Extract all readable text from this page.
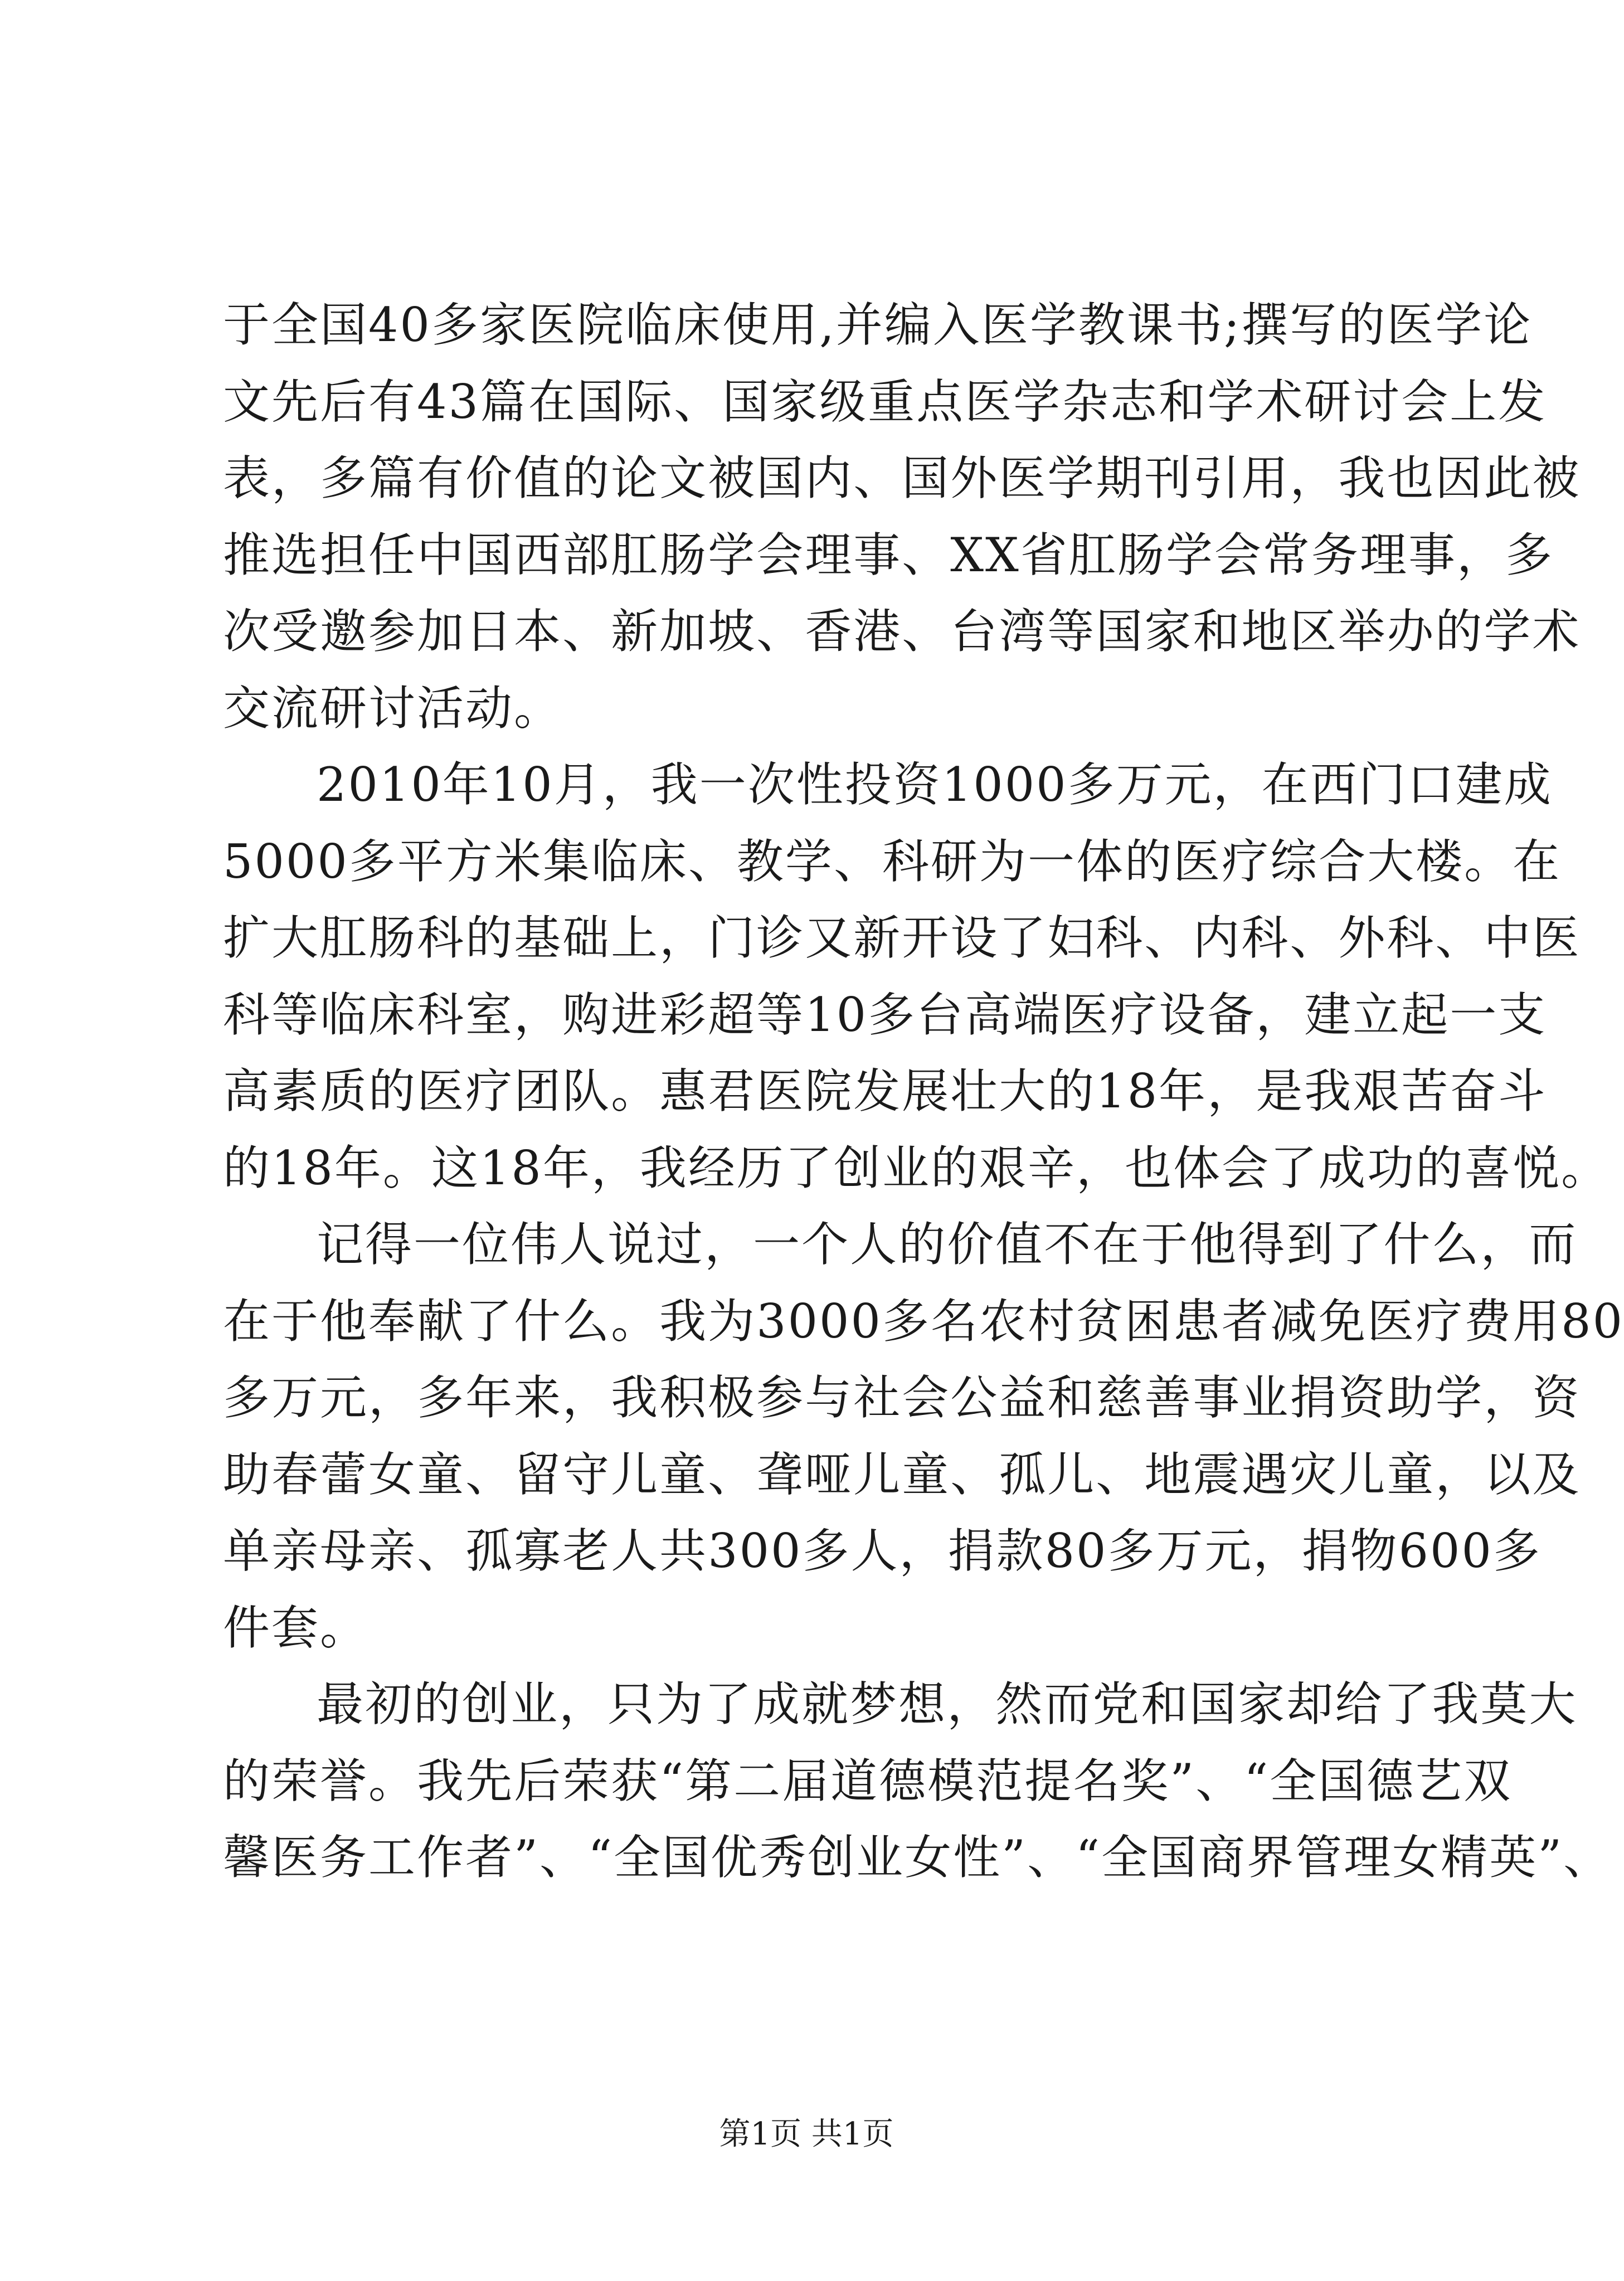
于 全 国 40 多 家 医 院 临 床 使 用 , 并 编 入 医 学 教 课 书 ; 撰 写 的 医 学 论
文 先 后 有 43 篇 在 国 际 、 国 家 级 重 点 医 学 杂 志 和 学 术 研 讨 会 上 发
表 ， 多 篇 有 价 值 的 论 文 被 国 内 、 国 外 医 学 期 刊 引 用 ， 我 也 因 此 被
推 选 担 任 中 国 西 部 肛 肠 学 会 理 事 、 XX 省 肛 肠 学 会 常 务 理 事 ， 多
次 受 邀 参 加 日 本 、 新 加 坡 、 香 港 、 台 湾 等 国 家 和 地 区 举 办 的 学 术
交流研讨活动。
2010 年 10 月 ， 我 一 次 性 投 资 1000 多 万 元 ， 在 西 门 口 建 成
5000 多 平 方 米 集 临 床 、 教 学 、 科 研 为 一 体 的 医 疗 综 合 大 楼 。 在
扩 大 肛 肠 科 的 基 础 上 ， 门 诊 又 新 开 设 了 妇 科 、 内 科 、 外 科 、 中 医
科 等 临 床 科 室 ， 购 进 彩 超 等 10 多 台 高 端 医 疗 设 备 ， 建 立 起 一 支
高 素 质 的 医 疗 团 队 。 惠 君 医 院 发 展 壮 大 的 18 年 ， 是 我 艰 苦 奋 斗
的 18 年 。 这 18 年 ， 我 经 历 了 创 业 的 艰 辛 ， 也 体 会 了 成 功 的 喜 悦 。
记 得 一 位 伟 人 说 过 ， 一 个 人 的 价 值 不 在 于 他 得 到 了 什 么 ， 而
在 于 他 奉 献 了 什 么 。 我 为 3000 多 名 农 村 贫 困 患 者 减 免 医 疗 费 用 80
多 万 元 ， 多 年 来 ， 我 积 极 参 与 社 会 公 益 和 慈 善 事 业 捐 资 助 学 ， 资
助 春 蕾 女 童 、 留 守 儿 童 、 聋 哑 儿 童 、 孤 儿 、 地 震 遇 灾 儿 童 ， 以 及
单 亲 母 亲 、 孤 寡 老 人 共 300 多 人 ， 捐 款 80 多 万 元 ， 捐 物 600 多
件套。
最 初 的 创 业 ， 只 为 了 成 就 梦 想 ， 然 而 党 和 国 家 却 给 了 我 莫 大
的 荣 誉 。 我 先 后 荣 获 “ 第 二 届 道 德 模 范 提 名 奖 ” 、 “ 全 国 德 艺 双
馨 医 务 工 作 者 ” 、 “ 全 国 优 秀 创 业 女 性 ” 、 “ 全 国 商 界 管 理 女 精 英 ” 、
第1页 共1页
